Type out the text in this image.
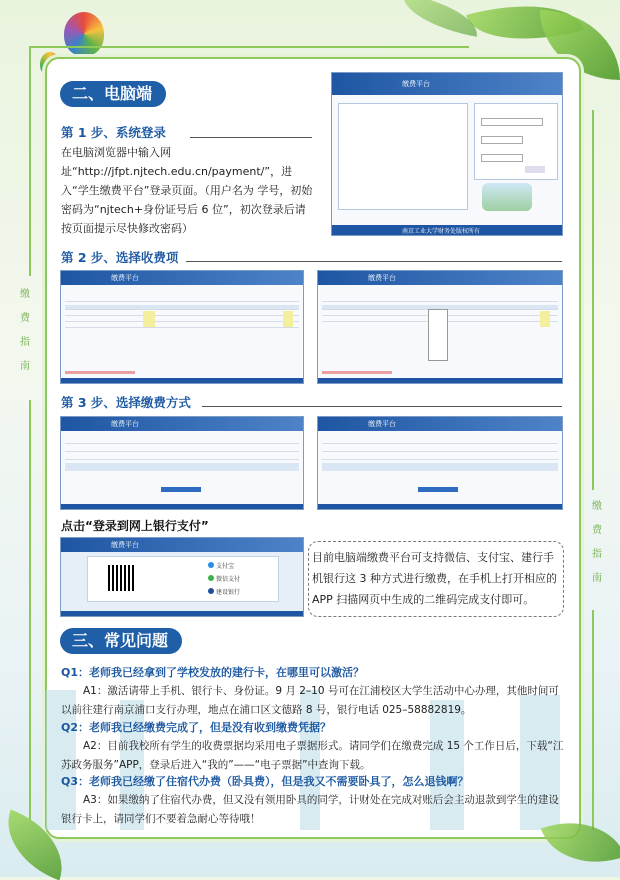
缴
费
指
南
缴
费
指
南
二、电脑端
第 1 步、系统登录
在电脑浏览器中输入网址“http://jfpt.njtech.edu.cn/payment/”，进入“学生缴费平台”登录页面。（用户名为 学号，初始密码为“njtech+身份证号后 6 位”，初次登录后请按页面提示尽快修改密码）
缴费平台
南京工业大学财务处版权所有
第 2 步、选择收费项
缴费平台	缴费平台
第 3 步、选择缴费方式
缴费平台	缴费平台
点击“登录到网上银行支付”
缴费平台
支付宝
微信支付
建设银行
目前电脑端缴费平台可支持微信、支付宝、建行手机银行这 3 种方式进行缴费，在手机上打开相应的 APP 扫描网页中生成的二维码完成支付即可。
三、常见问题
Q1：老师我已经拿到了学校发放的建行卡，在哪里可以激活？
A1：激活请带上手机、银行卡、身份证。9 月 2–10 号可在江浦校区大学生活动中心办理，其他时间可以前往建行南京浦口支行办理，地点在浦口区文德路 8 号，银行电话 025–58882819。
Q2：老师我已经缴费完成了，但是没有收到缴费凭据？
A2：目前我校所有学生的收费票据均采用电子票据形式。请同学们在缴费完成 15 个工作日后，下载“江苏政务服务”APP，登录后进入“我的”——“电子票据”中查询下载。
Q3：老师我已经缴了住宿代办费（卧具费），但是我又不需要卧具了，怎么退钱啊？
A3：如果缴纳了住宿代办费，但又没有领用卧具的同学，计财处在完成对账后会主动退款到学生的建设银行卡上，请同学们不要着急耐心等待哦！
